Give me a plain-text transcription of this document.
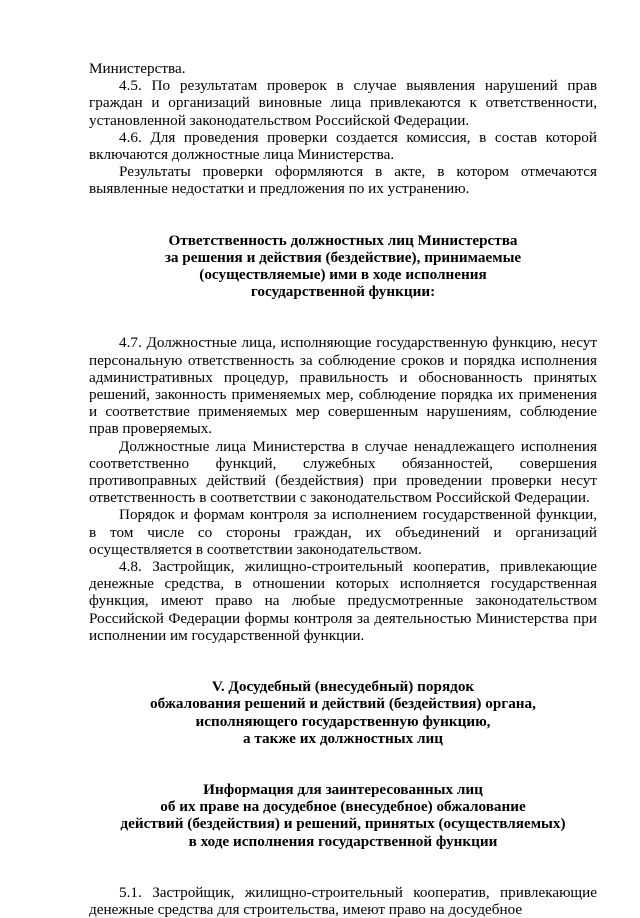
Министерства.

4.5. По результатам проверок в случае выявления нарушений прав граждан и организаций виновные лица привлекаются к ответственности, установленной законодательством Российской Федерации.

4.6. Для проведения проверки создается комиссия, в состав которой включаются должностные лица Министерства.

Результаты проверки оформляются в акте, в котором отмечаются выявленные недостатки и предложения по их устранению.

Ответственность должностных лиц Министерства
за решения и действия (бездействие), принимаемые
(осуществляемые) ими в ходе исполнения
государственной функции:

4.7. Должностные лица, исполняющие государственную функцию, несут персональную ответственность за соблюдение сроков и порядка исполнения административных процедур, правильность и обоснованность принятых решений, законность применяемых мер, соблюдение порядка их применения и соответствие применяемых мер совершенным нарушениям, соблюдение прав проверяемых.

Должностные лица Министерства в случае ненадлежащего исполнения соответственно функций, служебных обязанностей, совершения противоправных действий (бездействия) при проведении проверки несут ответственность в соответствии с законодательством Российской Федерации.

Порядок и формам контроля за исполнением государственной функции, в том числе со стороны граждан, их объединений и организаций осуществляется в соответствии законодательством.

4.8. Застройщик, жилищно-строительный кооператив, привлекающие денежные средства, в отношении которых исполняется государственная функция, имеют право на любые предусмотренные законодательством Российской Федерации формы контроля за деятельностью Министерства при исполнении им государственной функции.

V. Досудебный (внесудебный) порядок
обжалования решений и действий (бездействия) органа,
исполняющего государственную функцию,
а также их должностных лиц
Информация для заинтересованных лиц
об их праве на досудебное (внесудебное) обжалование
действий (бездействия) и решений, принятых (осуществляемых)
в ходе исполнения государственной функции

5.1. Застройщик, жилищно-строительный кооператив, привлекающие денежные средства для строительства, имеют право на досудебное
